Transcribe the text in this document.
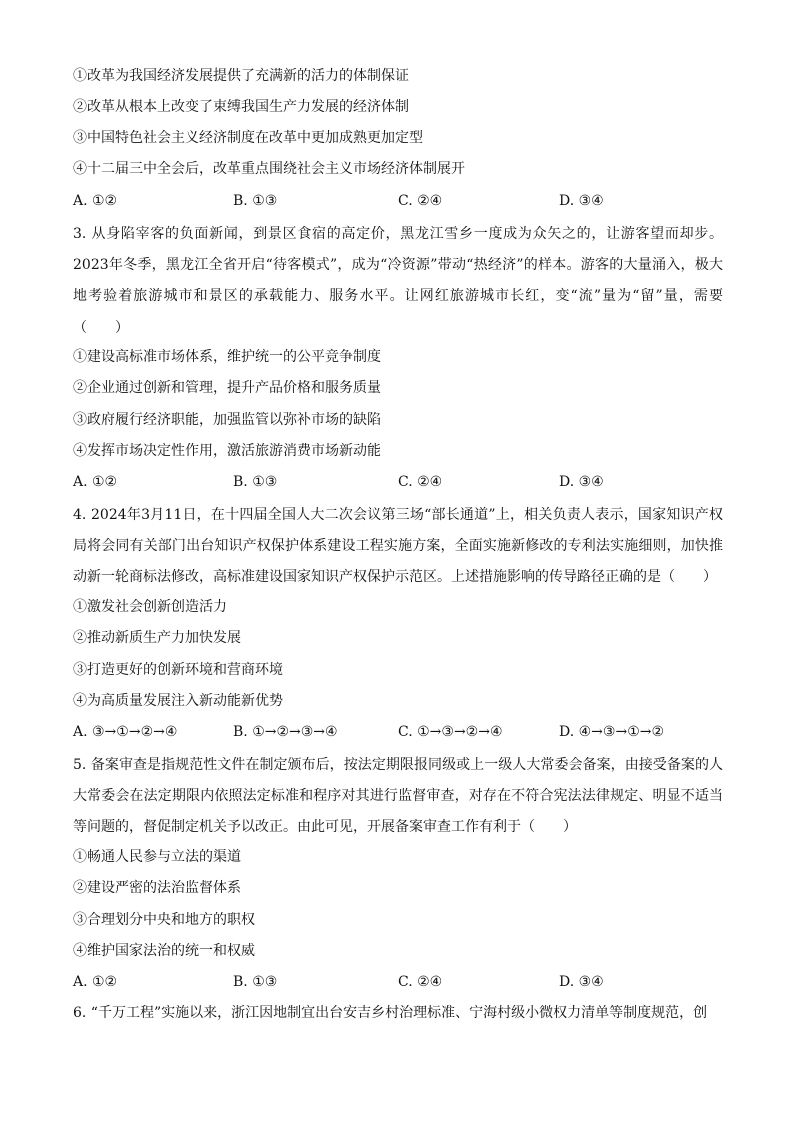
①改革为我国经济发展提供了充满新的活力的体制保证
②改革从根本上改变了束缚我国生产力发展的经济体制
③中国特色社会主义经济制度在改革中更加成熟更加定型
④十二届三中全会后，改革重点围绕社会主义市场经济体制展开
A. ①②	B. ①③	C. ②④	D. ③④
3. 从身陷宰客的负面新闻，到景区食宿的高定价，黑龙江雪乡一度成为众矢之的，让游客望而却步。2023年冬季，黑龙江全省开启“待客模式”，成为“冷资源”带动“热经济”的样本。游客的大量涌入，极大地考验着旅游城市和景区的承载能力、服务水平。让网红旅游城市长红，变“流”量为“留”量，需要（　　）
①建设高标准市场体系，维护统一的公平竞争制度
②企业通过创新和管理，提升产品价格和服务质量
③政府履行经济职能，加强监管以弥补市场的缺陷
④发挥市场决定性作用，激活旅游消费市场新动能
A. ①②	B. ①③	C. ②④	D. ③④
4. 2024年3月11日，在十四届全国人大二次会议第三场“部长通道”上，相关负责人表示，国家知识产权局将会同有关部门出台知识产权保护体系建设工程实施方案，全面实施新修改的专利法实施细则，加快推动新一轮商标法修改，高标准建设国家知识产权保护示范区。上述措施影响的传导路径正确的是（　　）
①激发社会创新创造活力
②推动新质生产力加快发展
③打造更好的创新环境和营商环境
④为高质量发展注入新动能新优势
A. ③→①→②→④	B. ①→②→③→④	C. ①→③→②→④	D. ④→③→①→②
5. 备案审查是指规范性文件在制定颁布后，按法定期限报同级或上一级人大常委会备案，由接受备案的人大常委会在法定期限内依照法定标准和程序对其进行监督审查，对存在不符合宪法法律规定、明显不适当等问题的，督促制定机关予以改正。由此可见，开展备案审查工作有利于（　　）
①畅通人民参与立法的渠道
②建设严密的法治监督体系
③合理划分中央和地方的职权
④维护国家法治的统一和权威
A. ①②	B. ①③	C. ②④	D. ③④
6. “千万工程”实施以来，浙江因地制宜出台安吉乡村治理标准、宁海村级小微权力清单等制度规范，创
